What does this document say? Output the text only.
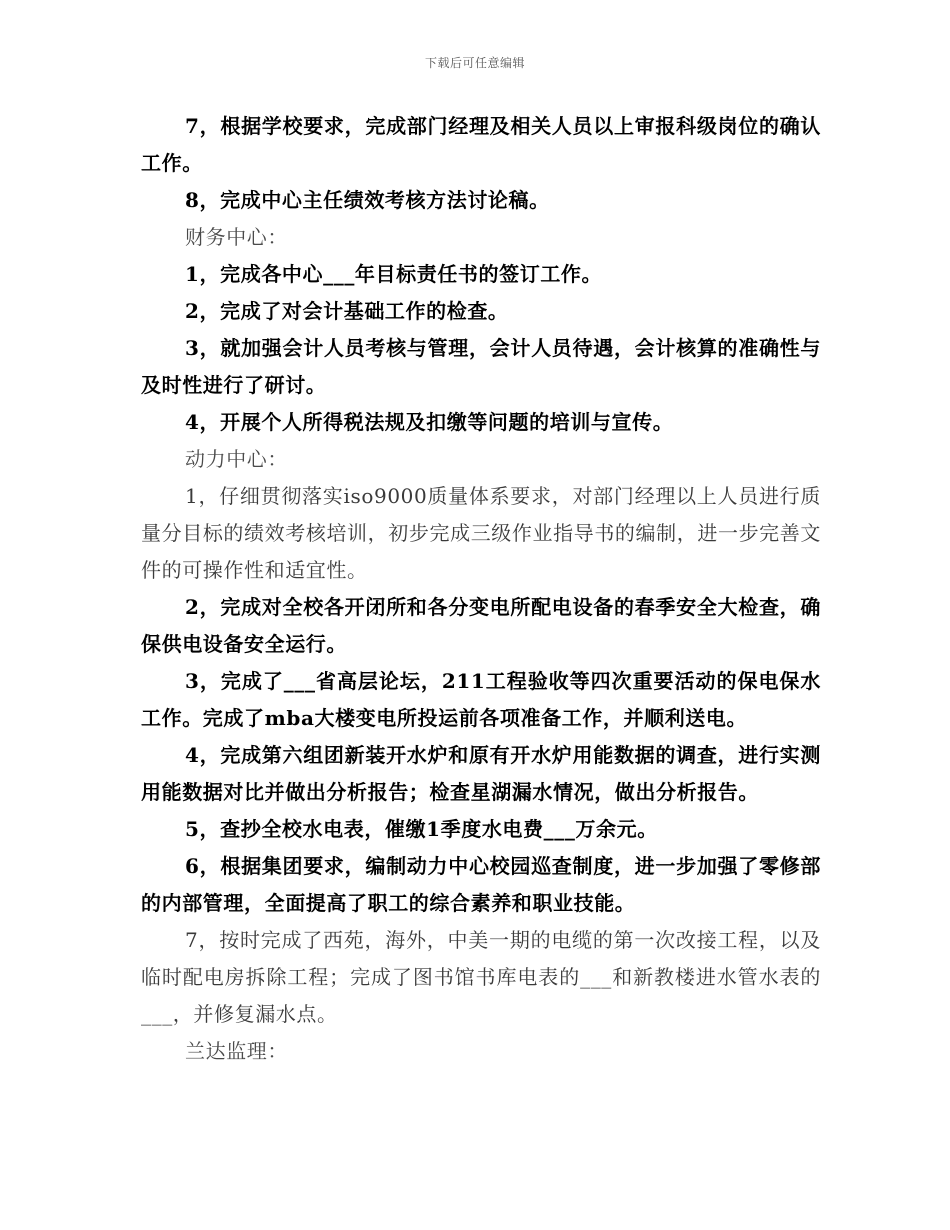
下载后可任意编辑

7，根据学校要求，完成部门经理及相关人员以上审报科级岗位的确认工作。

8，完成中心主任绩效考核方法讨论稿。

财务中心：

1，完成各中心___年目标责任书的签订工作。

2，完成了对会计基础工作的检查。

3，就加强会计人员考核与管理，会计人员待遇，会计核算的准确性与及时性进行了研讨。

4，开展个人所得税法规及扣缴等问题的培训与宣传。

动力中心：

1，仔细贯彻落实iso9000质量体系要求，对部门经理以上人员进行质量分目标的绩效考核培训，初步完成三级作业指导书的编制，进一步完善文件的可操作性和适宜性。

2，完成对全校各开闭所和各分变电所配电设备的春季安全大检查，确保供电设备安全运行。

3，完成了___省高层论坛，211工程验收等四次重要活动的保电保水工作。完成了mba大楼变电所投运前各项准备工作，并顺利送电。

4，完成第六组团新装开水炉和原有开水炉用能数据的调查，进行实测用能数据对比并做出分析报告；检查星湖漏水情况，做出分析报告。

5，查抄全校水电表，催缴1季度水电费___万余元。

6，根据集团要求，编制动力中心校园巡查制度，进一步加强了零修部的内部管理，全面提高了职工的综合素养和职业技能。

7，按时完成了西苑，海外，中美一期的电缆的第一次改接工程，以及临时配电房拆除工程；完成了图书馆书库电表的___和新教楼进水管水表的___，并修复漏水点。

兰达监理：
